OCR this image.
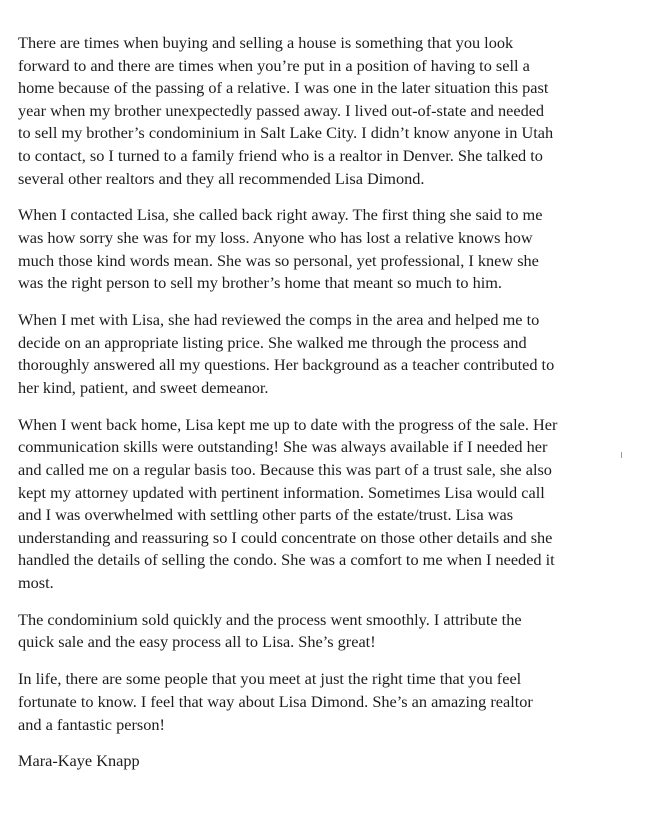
There are times when buying and selling a house is something that you look
forward to and there are times when you’re put in a position of having to sell a
home because of the passing of a relative. I was one in the later situation this past
year when my brother unexpectedly passed away. I lived out-of-state and needed
to sell my brother’s condominium in Salt Lake City. I didn’t know anyone in Utah
to contact, so I turned to a family friend who is a realtor in Denver. She talked to
several other realtors and they all recommended Lisa Dimond.

When I contacted Lisa, she called back right away. The first thing she said to me
was how sorry she was for my loss. Anyone who has lost a relative knows how
much those kind words mean. She was so personal, yet professional, I knew she
was the right person to sell my brother’s home that meant so much to him.

When I met with Lisa, she had reviewed the comps in the area and helped me to
decide on an appropriate listing price. She walked me through the process and
thoroughly answered all my questions. Her background as a teacher contributed to
her kind, patient, and sweet demeanor.

When I went back home, Lisa kept me up to date with the progress of the sale. Her
communication skills were outstanding! She was always available if I needed her
and called me on a regular basis too. Because this was part of a trust sale, she also
kept my attorney updated with pertinent information. Sometimes Lisa would call
and I was overwhelmed with settling other parts of the estate/trust. Lisa was
understanding and reassuring so I could concentrate on those other details and she
handled the details of selling the condo. She was a comfort to me when I needed it
most.

The condominium sold quickly and the process went smoothly. I attribute the
quick sale and the easy process all to Lisa. She’s great!

In life, there are some people that you meet at just the right time that you feel
fortunate to know. I feel that way about Lisa Dimond. She’s an amazing realtor
and a fantastic person!

Mara-Kaye Knapp
